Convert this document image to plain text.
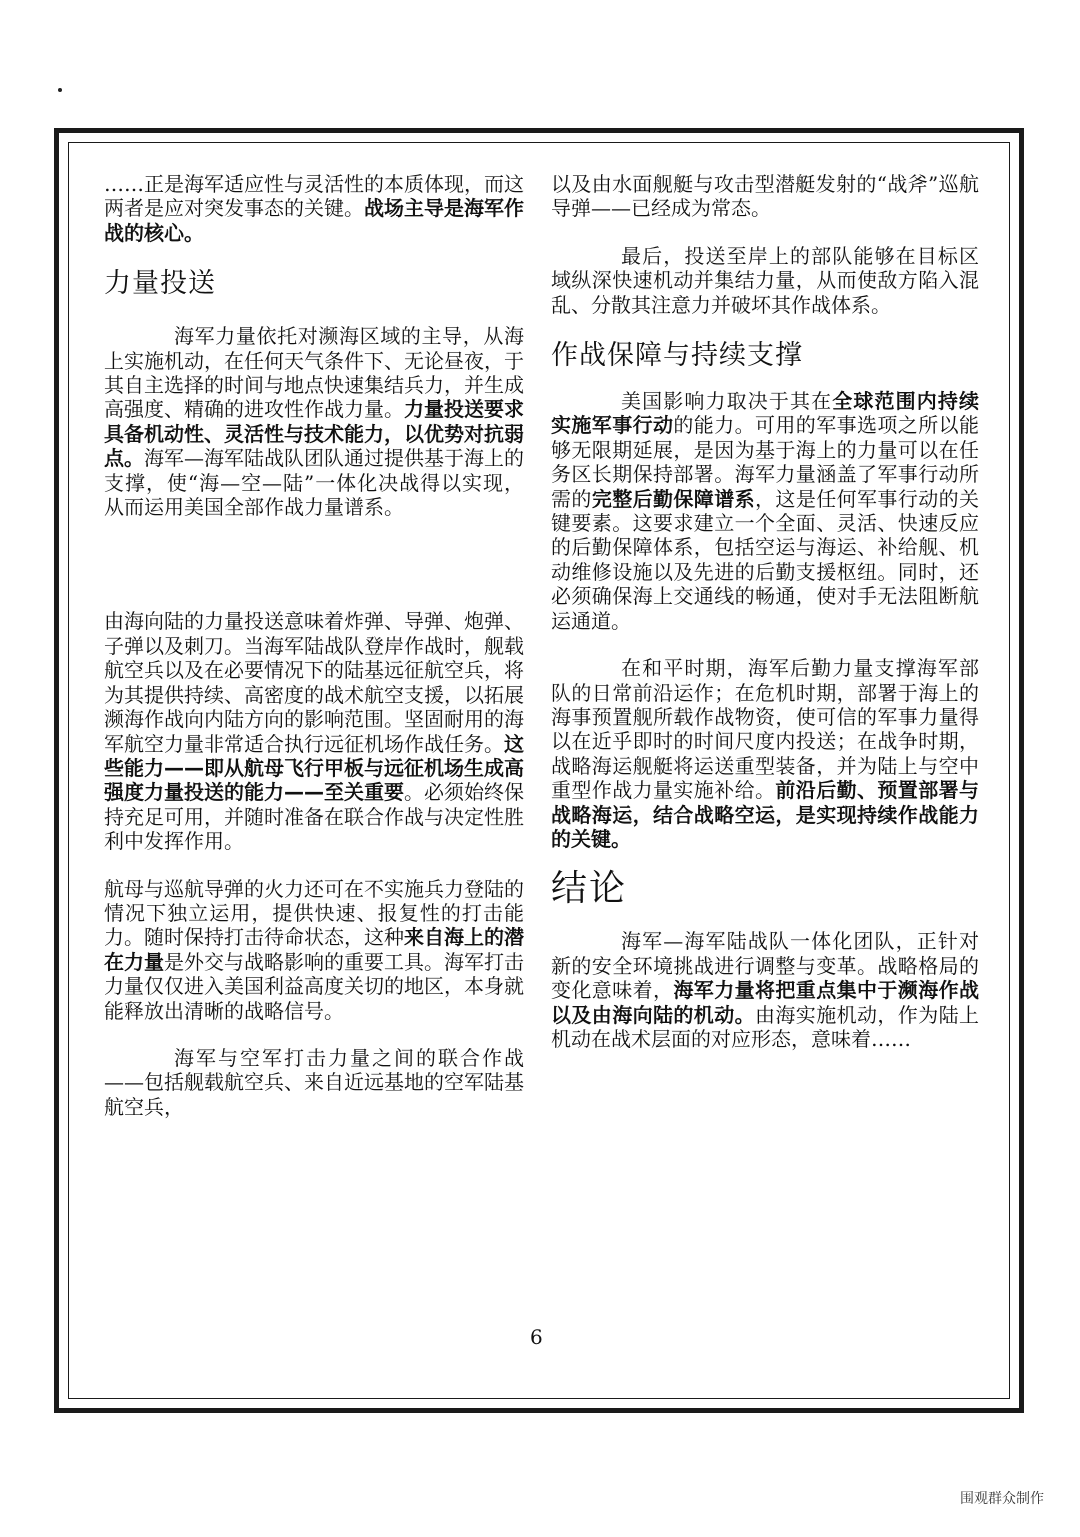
……正是海军适应性与灵活性的本质体现，而这两者是应对突发事态的关键。战场主导是海军作战的核心。

力量投送

海军力量依托对濒海区域的主导，从海上实施机动，在任何天气条件下、无论昼夜，于其自主选择的时间与地点快速集结兵力，并生成高强度、精确的进攻性作战力量。力量投送要求具备机动性、灵活性与技术能力，以优势对抗弱点。海军—海军陆战队团队通过提供基于海上的支撑，使“海—空—陆”一体化决战得以实现，从而运用美国全部作战力量谱系。

由海向陆的力量投送意味着炸弹、导弹、炮弹、子弹以及刺刀。当海军陆战队登岸作战时，舰载航空兵以及在必要情况下的陆基远征航空兵，将为其提供持续、高密度的战术航空支援，以拓展濒海作战向内陆方向的影响范围。坚固耐用的海军航空力量非常适合执行远征机场作战任务。这些能力——即从航母飞行甲板与远征机场生成高强度力量投送的能力——至关重要。必须始终保持充足可用，并随时准备在联合作战与决定性胜利中发挥作用。

航母与巡航导弹的火力还可在不实施兵力登陆的情况下独立运用，提供快速、报复性的打击能力。随时保持打击待命状态，这种来自海上的潜在力量是外交与战略影响的重要工具。海军打击力量仅仅进入美国利益高度关切的地区，本身就能释放出清晰的战略信号。

海军与空军打击力量之间的联合作战——包括舰载航空兵、来自近远基地的空军陆基航空兵，

以及由水面舰艇与攻击型潜艇发射的“战斧”巡航导弹——已经成为常态。

最后，投送至岸上的部队能够在目标区域纵深快速机动并集结力量，从而使敌方陷入混乱、分散其注意力并破坏其作战体系。

作战保障与持续支撑

美国影响力取决于其在全球范围内持续实施军事行动的能力。可用的军事选项之所以能够无限期延展，是因为基于海上的力量可以在任务区长期保持部署。海军力量涵盖了军事行动所需的完整后勤保障谱系，这是任何军事行动的关键要素。这要求建立一个全面、灵活、快速反应的后勤保障体系，包括空运与海运、补给舰、机动维修设施以及先进的后勤支援枢纽。同时，还必须确保海上交通线的畅通，使对手无法阻断航运通道。

在和平时期，海军后勤力量支撑海军部队的日常前沿运作；在危机时期，部署于海上的海事预置舰所载作战物资，使可信的军事力量得以在近乎即时的时间尺度内投送；在战争时期，战略海运舰艇将运送重型装备，并为陆上与空中重型作战力量实施补给。前沿后勤、预置部署与战略海运，结合战略空运，是实现持续作战能力的关键。

结论

海军—海军陆战队一体化团队，正针对新的安全环境挑战进行调整与变革。战略格局的变化意味着，海军力量将把重点集中于濒海作战以及由海向陆的机动。由海实施机动，作为陆上机动在战术层面的对应形态，意味着……

6
围观群众制作
